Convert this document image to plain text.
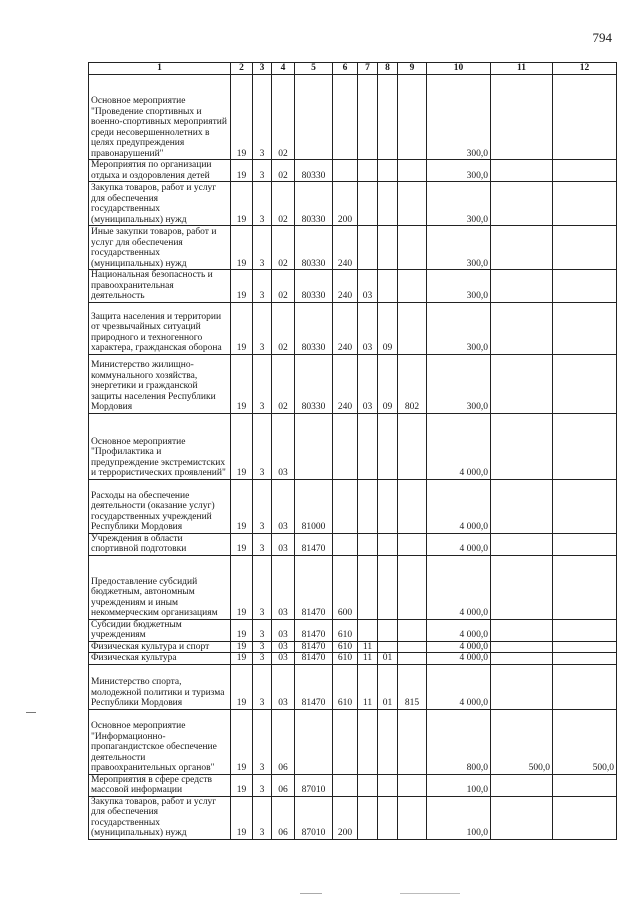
794
1	2	3	4	5	6	7	8	9	10	11	12
Основное мероприятие "Проведение спортивных и военно-спортивных мероприятий среди несовершеннолетних в целях предупреждения правонарушений"	19	3	02						300,0		
Мероприятия по организации отдыха и оздоровления детей	19	3	02	80330					300,0		
Закупка товаров, работ и услуг для обеспечения государственных (муниципальных) нужд	19	3	02	80330	200				300,0		
Иные закупки товаров, работ и услуг для обеспечения государственных (муниципальных) нужд	19	3	02	80330	240				300,0		
Национальная безопасность и правоохранительная деятельность	19	3	02	80330	240	03			300,0		
Защита населения и территории от чрезвычайных ситуаций природного и техногенного характера, гражданская оборона	19	3	02	80330	240	03	09		300,0		
Министерство жилищно-коммунального хозяйства, энергетики и гражданской защиты населения Республики Мордовия	19	3	02	80330	240	03	09	802	300,0		
Основное мероприятие "Профилактика и предупреждение экстремистских и террористических проявлений"	19	3	03						4 000,0		
Расходы на обеспечение деятельности (оказание услуг) государственных учреждений Республики Мордовия	19	3	03	81000					4 000,0		
Учреждения в области спортивной подготовки	19	3	03	81470					4 000,0		
Предоставление субсидий бюджетным, автономным учреждениям и иным некоммерческим организациям	19	3	03	81470	600				4 000,0		
Субсидии бюджетным учреждениям	19	3	03	81470	610				4 000,0		
Физическая культура и спорт	19	3	03	81470	610	11			4 000,0		
Физическая культура	19	3	03	81470	610	11	01		4 000,0		
Министерство спорта, молодежной политики и туризма Республики Мордовия	19	3	03	81470	610	11	01	815	4 000,0		
Основное мероприятие "Информационно-пропагандистское обеспечение деятельности правоохранительных органов"	19	3	06						800,0	500,0	500,0
Мероприятия в сфере средств массовой информации	19	3	06	87010					100,0		
Закупка товаров, работ и услуг для обеспечения государственных (муниципальных) нужд	19	3	06	87010	200				100,0		
